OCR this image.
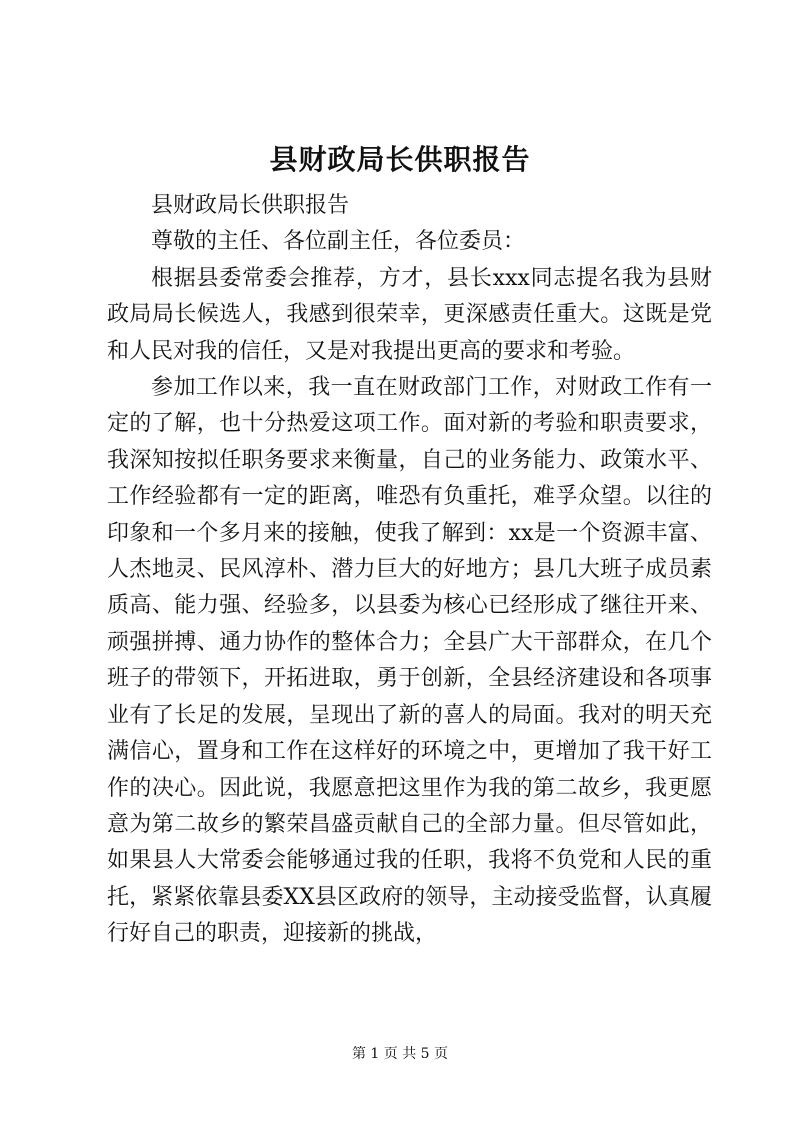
县财政局长供职报告

县财政局长供职报告

尊敬的主任、各位副主任，各位委员：

根据县委常委会推荐，方才，县长xxx同志提名我为县财政局局长候选人，我感到很荣幸，更深感责任重大。这既是党和人民对我的信任，又是对我提出更高的要求和考验。

参加工作以来，我一直在财政部门工作，对财政工作有一定的了解，也十分热爱这项工作。面对新的考验和职责要求，我深知按拟任职务要求来衡量，自己的业务能力、政策水平、工作经验都有一定的距离，唯恐有负重托，难孚众望。以往的印象和一个多月来的接触，使我了解到：xx是一个资源丰富、人杰地灵、民风淳朴、潜力巨大的好地方；县几大班子成员素质高、能力强、经验多，以县委为核心已经形成了继往开来、顽强拼搏、通力协作的整体合力；全县广大干部群众，在几个班子的带领下，开拓进取，勇于创新，全县经济建设和各项事业有了长足的发展，呈现出了新的喜人的局面。我对的明天充满信心，置身和工作在这样好的环境之中，更增加了我干好工作的决心。因此说，我愿意把这里作为我的第二故乡，我更愿意为第二故乡的繁荣昌盛贡献自己的全部力量。但尽管如此，如果县人大常委会能够通过我的任职，我将不负党和人民的重托，紧紧依靠县委XX县区政府的领导，主动接受监督，认真履行好自己的职责，迎接新的挑战，

第 1 页 共 5 页
